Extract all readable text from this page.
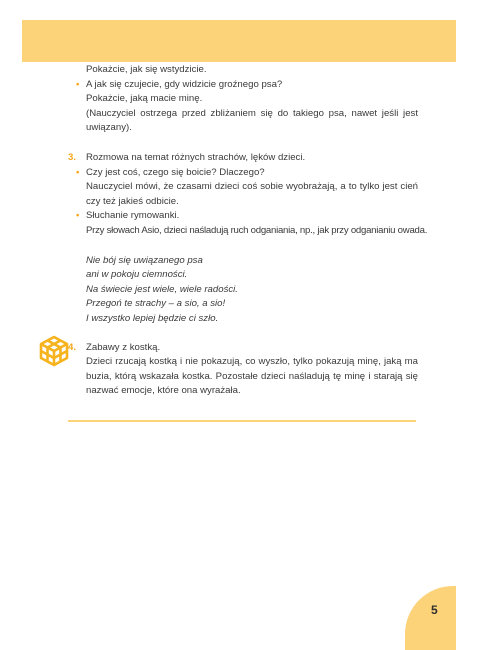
Pokażcie, jak się wstydzicie.
• A jak się czujecie, gdy widzicie groźnego psa?
Pokażcie, jaką macie minę.
(Nauczyciel ostrzega przed zbliżaniem się do takiego psa, nawet jeśli jest
uwiązany).
3. Rozmowa na temat różnych strachów, lęków dzieci.
• Czy jest coś, czego się boicie? Dlaczego?
Nauczyciel mówi, że czasami dzieci coś sobie wyobrażają, a to tylko jest cień
czy też jakieś odbicie.
• Słuchanie rymowanki.
Przy słowach Asio, dzieci naśladują ruch odganiania, np., jak przy odganianiu owada.
Nie bój się uwiązanego psa
ani w pokoju ciemności.
Na świecie jest wiele, wiele radości.
Przegoń te strachy – a sio, a sio!
I wszystko lepiej będzie ci szło.
4. Zabawy z kostką.
Dzieci rzucają kostką i nie pokazują, co wyszło, tylko pokazują minę, jaką ma
buzia, którą wskazała kostka. Pozostałe dzieci naśladują tę minę i starają się
nazwać emocje, które ona wyrażała.
5
